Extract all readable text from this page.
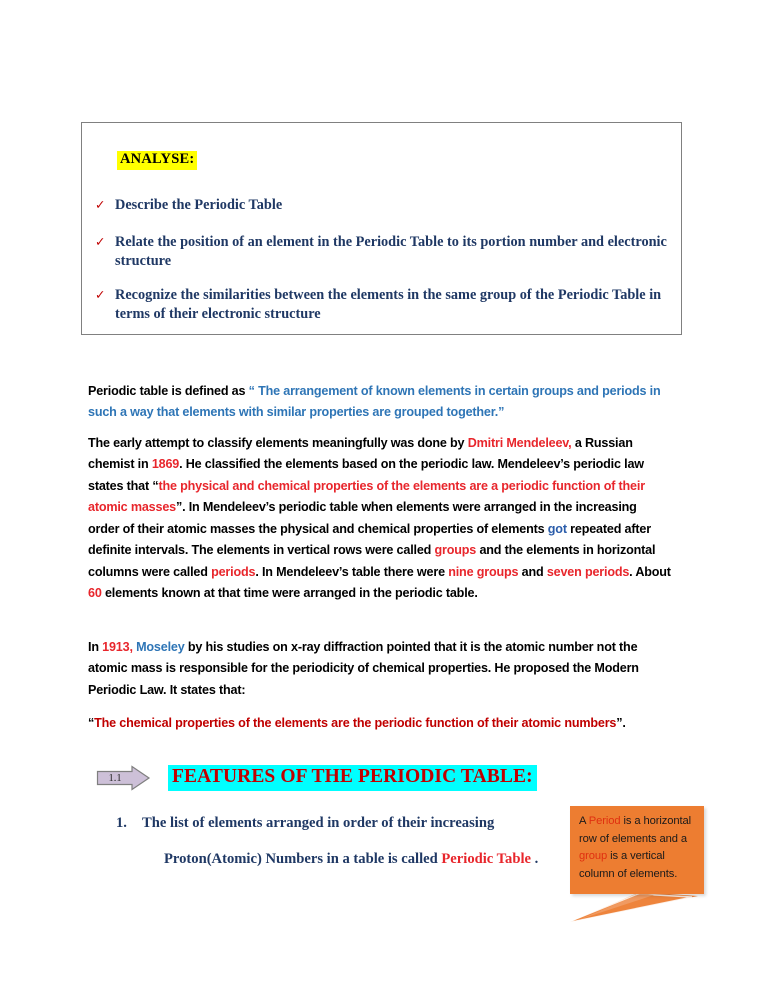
ANALYSE:
✓ Describe the Periodic Table
✓ Relate the position of an element in the Periodic Table to its portion number and electronic structure
✓ Recognize the similarities between the elements in the same group of the Periodic Table in terms of their electronic structure

Periodic table is defined as “ The arrangement of known elements in certain groups and periods in such a way that elements with similar properties are grouped together.”

The early attempt to classify elements meaningfully was done by Dmitri Mendeleev, a Russian chemist in 1869. He classified the elements based on the periodic law. Mendeleev’s periodic law states that “the physical and chemical properties of the elements are a periodic function of their atomic masses”. In Mendeleev’s periodic table when elements were arranged in the increasing order of their atomic masses the physical and chemical properties of elements got repeated after definite intervals. The elements in vertical rows were called groups and the elements in horizontal columns were called periods. In Mendeleev’s table there were nine groups and seven periods. About 60 elements known at that time were arranged in the periodic table.

In 1913, Moseley by his studies on x-ray diffraction pointed that it is the atomic number not the atomic mass is responsible for the periodicity of chemical properties. He proposed the Modern Periodic Law. It states that:

“The chemical properties of the elements are the periodic function of their atomic numbers”.

1.1	FEATURES OF THE PERIODIC TABLE:
1.	The list of elements arranged in order of their increasing
Proton(Atomic) Numbers in a table is called Periodic Table .
A Period is a horizontal row of elements and a group is a vertical column of elements.
